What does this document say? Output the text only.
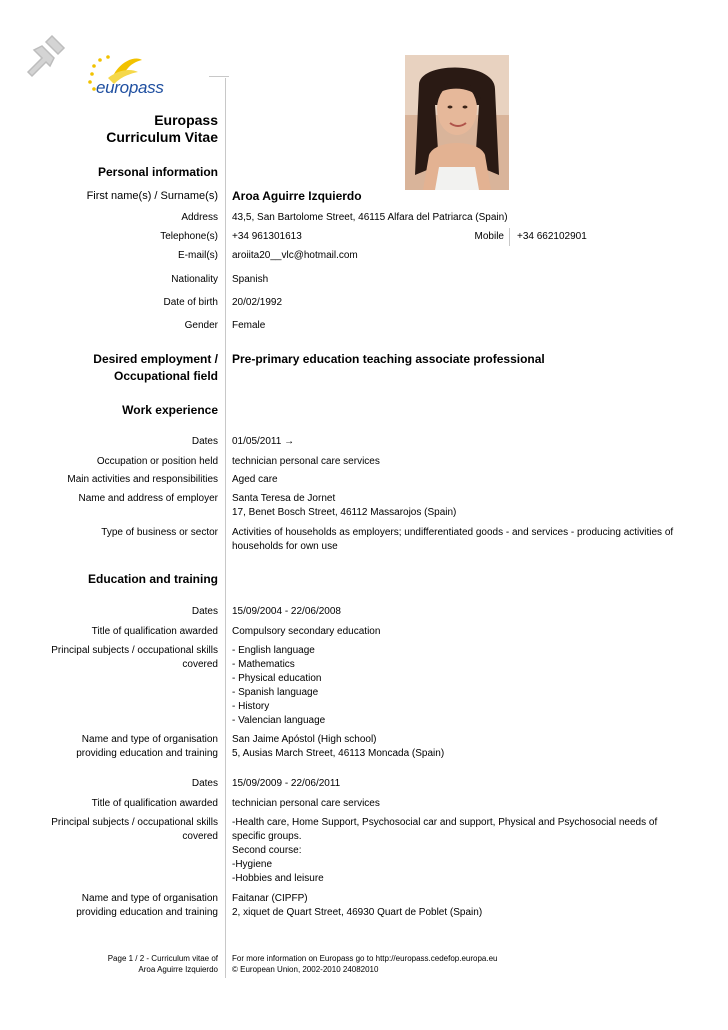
europass
Europass
Curriculum Vitae
Personal information
First name(s) / Surname(s) Aroa Aguirre Izquierdo
Address 43,5, San Bartolome Street, 46115 Alfara del Patriarca (Spain)
Telephone(s) +34 961301613	Mobile +34 662102901
E-mail(s) aroiita20__vlc@hotmail.com
Nationality Spanish
Date of birth 20/02/1992
Gender Female
Desired employment /
Occupational field
Pre-primary education teaching associate professional
Work experience
Dates 01/05/2011 →
Occupation or position held technician personal care services
Main activities and responsibilities Aged care
Name and address of employer Santa Teresa de Jornet
17, Benet Bosch Street, 46112 Massarojos (Spain)
Type of business or sector Activities of households as employers; undifferentiated goods - and services - producing activities of
households for own use
Education and training
Dates 15/09/2004 - 22/06/2008
Title of qualification awarded Compulsory secondary education
Principal subjects / occupational skills
covered
- English language
- Mathematics
- Physical education
- Spanish language
- History
- Valencian language
Name and type of organisation
providing education and training
San Jaime Apóstol (High school)
5, Ausias March Street, 46113 Moncada (Spain)
Dates 15/09/2009 - 22/06/2011
Title of qualification awarded technician personal care services
Principal subjects / occupational skills
covered
-Health care, Home Support, Psychosocial car and support, Physical and Psychosocial needs of
specific groups.
Second course:
-Hygiene
-Hobbies and leisure
Name and type of organisation
providing education and training
Faitanar (CIPFP)
2, xiquet de Quart Street, 46930 Quart de Poblet (Spain)
Page 1 / 2 - Curriculum vitae of
Aroa Aguirre Izquierdo
For more information on Europass go to http://europass.cedefop.europa.eu
© European Union, 2002-2010 24082010
